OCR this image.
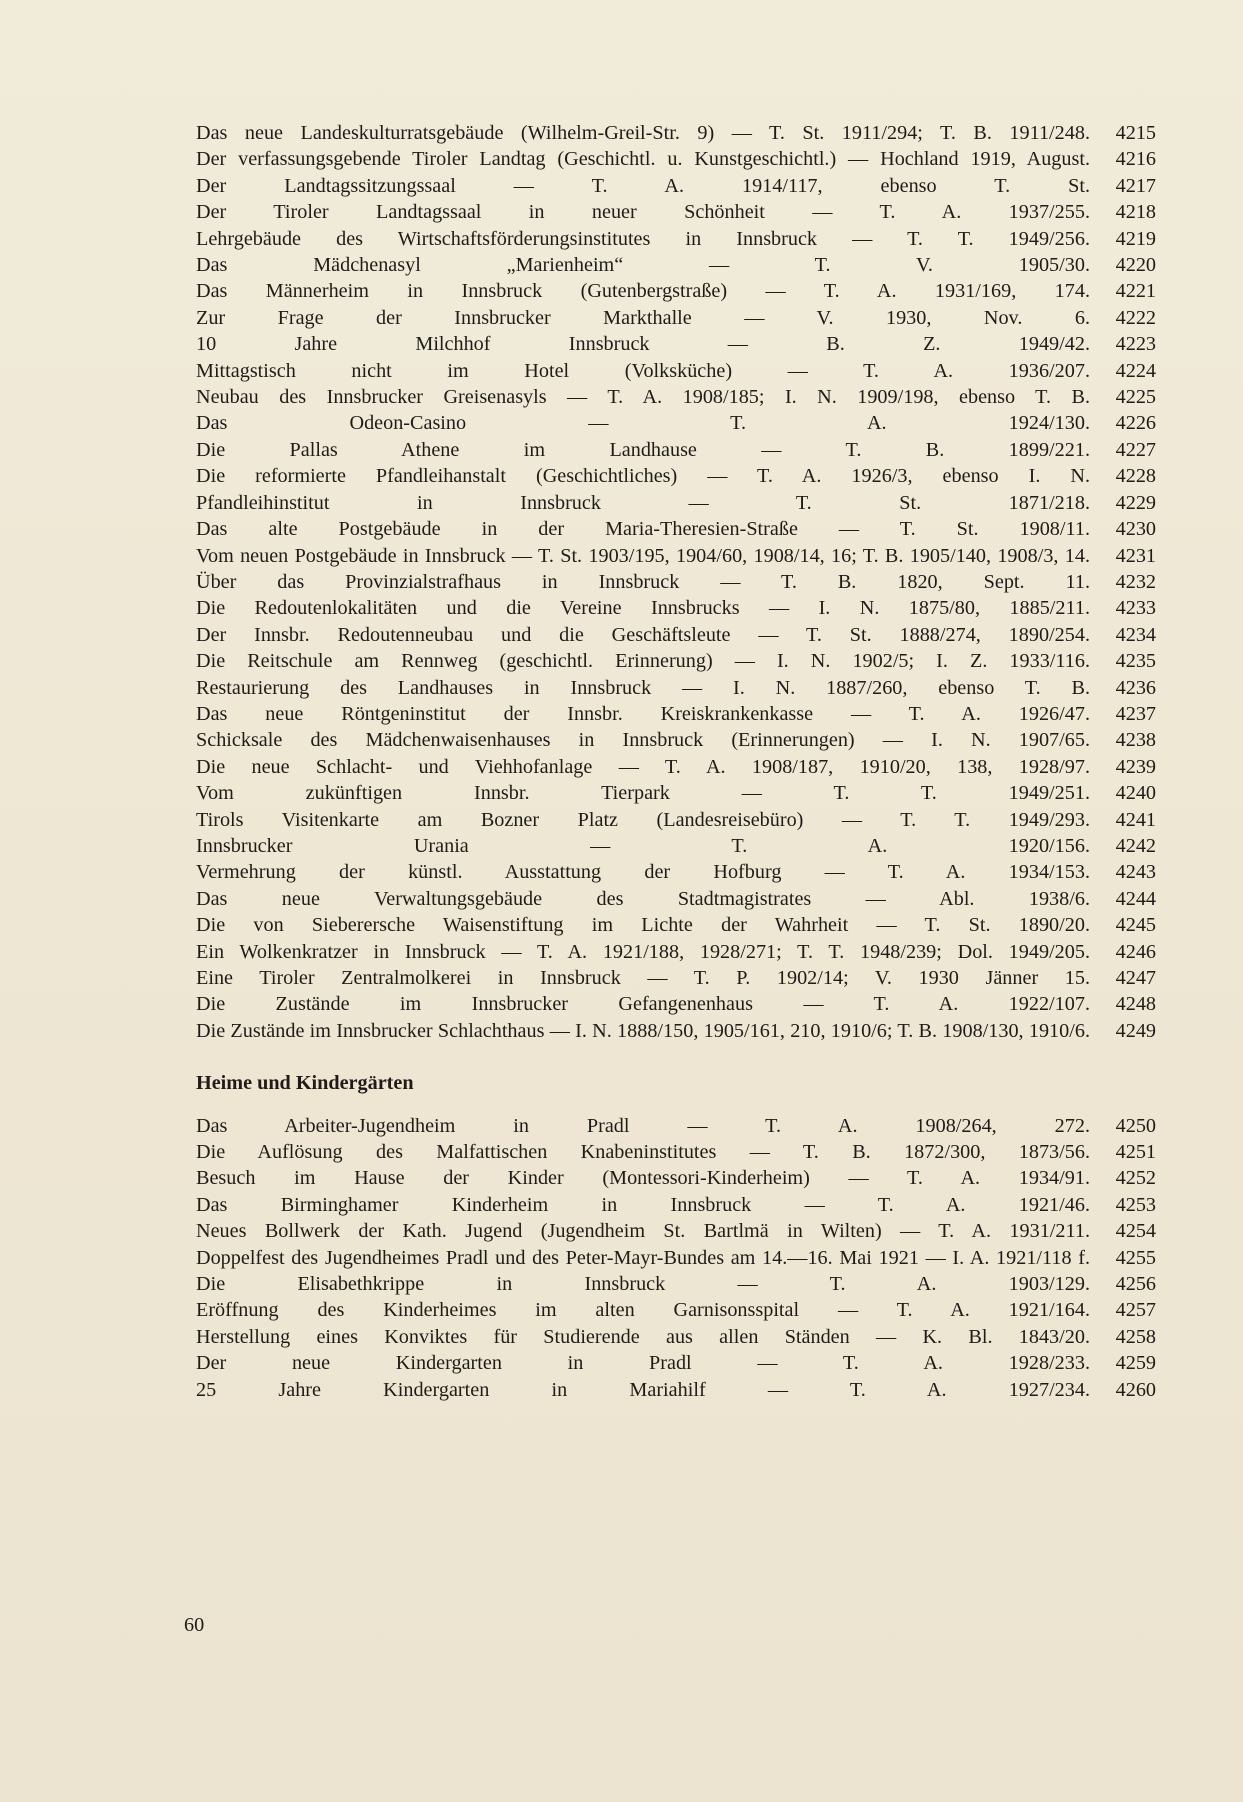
Das neue Landeskulturratsgebäude (Wilhelm-Greil-Str. 9) — T. St. 1911/294; T. B. 1911/248.	4215
Der verfassungsgebende Tiroler Landtag (Geschichtl. u. Kunstgeschichtl.) — Hochland 1919, August.	4216
Der Landtagssitzungssaal — T. A. 1914/117, ebenso T. St.	4217
Der Tiroler Landtagssaal in neuer Schönheit — T. A. 1937/255.	4218
Lehrgebäude des Wirtschaftsförderungsinstitutes in Innsbruck — T. T. 1949/256.	4219
Das Mädchenasyl „Marienheim“ — T. V. 1905/30.	4220
Das Männerheim in Innsbruck (Gutenbergstraße) — T. A. 1931/169, 174.	4221
Zur Frage der Innsbrucker Markthalle — V. 1930, Nov. 6.	4222
10 Jahre Milchhof Innsbruck — B. Z. 1949/42.	4223
Mittagstisch nicht im Hotel (Volksküche) — T. A. 1936/207.	4224
Neubau des Innsbrucker Greisenasyls — T. A. 1908/185; I. N. 1909/198, ebenso T. B.	4225
Das Odeon-Casino — T. A. 1924/130.	4226
Die Pallas Athene im Landhause — T. B. 1899/221.	4227
Die reformierte Pfandleihanstalt (Geschichtliches) — T. A. 1926/3, ebenso I. N.	4228
Pfandleihinstitut in Innsbruck — T. St. 1871/218.	4229
Das alte Postgebäude in der Maria-Theresien-Straße — T. St. 1908/11.	4230
Vom neuen Postgebäude in Innsbruck — T. St. 1903/195, 1904/60, 1908/14, 16; T. B. 1905/140, 1908/3, 14.	4231
Über das Provinzialstrafhaus in Innsbruck — T. B. 1820, Sept. 11.	4232
Die Redoutenlokalitäten und die Vereine Innsbrucks — I. N. 1875/80, 1885/211.	4233
Der Innsbr. Redoutenneubau und die Geschäftsleute — T. St. 1888/274, 1890/254.	4234
Die Reitschule am Rennweg (geschichtl. Erinnerung) — I. N. 1902/5; I. Z. 1933/116.	4235
Restaurierung des Landhauses in Innsbruck — I. N. 1887/260, ebenso T. B.	4236
Das neue Röntgeninstitut der Innsbr. Kreiskrankenkasse — T. A. 1926/47.	4237
Schicksale des Mädchenwaisenhauses in Innsbruck (Erinnerungen) — I. N. 1907/65.	4238
Die neue Schlacht- und Viehhofanlage — T. A. 1908/187, 1910/20, 138, 1928/97.	4239
Vom zukünftigen Innsbr. Tierpark — T. T. 1949/251.	4240
Tirols Visitenkarte am Bozner Platz (Landesreisebüro) — T. T. 1949/293.	4241
Innsbrucker Urania — T. A. 1920/156.	4242
Vermehrung der künstl. Ausstattung der Hofburg — T. A. 1934/153.	4243
Das neue Verwaltungsgebäude des Stadtmagistrates — Abl. 1938/6.	4244
Die von Sieberersche Waisenstiftung im Lichte der Wahrheit — T. St. 1890/20.	4245
Ein Wolkenkratzer in Innsbruck — T. A. 1921/188, 1928/271; T. T. 1948/239; Dol. 1949/205.	4246
Eine Tiroler Zentralmolkerei in Innsbruck — T. P. 1902/14; V. 1930 Jänner 15.	4247
Die Zustände im Innsbrucker Gefangenenhaus — T. A. 1922/107.	4248
Die Zustände im Innsbrucker Schlachthaus — I. N. 1888/150, 1905/161, 210, 1910/6; T. B. 1908/130, 1910/6.	4249
Heime und Kindergärten
Das Arbeiter-Jugendheim in Pradl — T. A. 1908/264, 272.	4250
Die Auflösung des Malfattischen Knabeninstitutes — T. B. 1872/300, 1873/56.	4251
Besuch im Hause der Kinder (Montessori-Kinderheim) — T. A. 1934/91.	4252
Das Birminghamer Kinderheim in Innsbruck — T. A. 1921/46.	4253
Neues Bollwerk der Kath. Jugend (Jugendheim St. Bartlmä in Wilten) — T. A. 1931/211.	4254
Doppelfest des Jugendheimes Pradl und des Peter-Mayr-Bundes am 14.—16. Mai 1921 — I. A. 1921/118 f.	4255
Die Elisabethkrippe in Innsbruck — T. A. 1903/129.	4256
Eröffnung des Kinderheimes im alten Garnisonsspital — T. A. 1921/164.	4257
Herstellung eines Konviktes für Studierende aus allen Ständen — K. Bl. 1843/20.	4258
Der neue Kindergarten in Pradl — T. A. 1928/233.	4259
25 Jahre Kindergarten in Mariahilf — T. A. 1927/234.	4260
60
